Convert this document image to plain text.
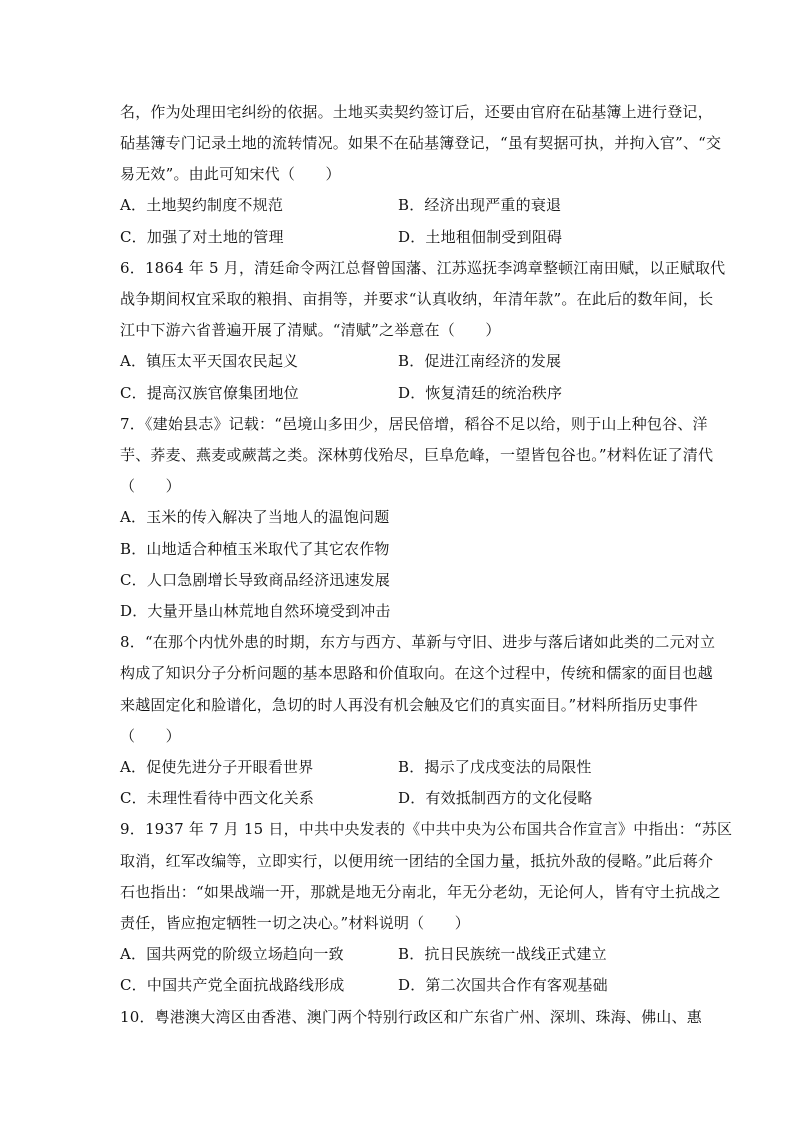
名，作为处理田宅纠纷的依据。土地买卖契约签订后，还要由官府在砧基簿上进行登记，
砧基簿专门记录土地的流转情况。如果不在砧基簿登记，“虽有契据可执，并拘入官”、“交
易无效”。由此可知宋代（　　）
A．土地契约制度不规范	B．经济出现严重的衰退
C．加强了对土地的管理	D．土地租佃制受到阻碍
6．1864 年 5 月，清廷命令两江总督曾国藩、江苏巡抚李鸿章整顿江南田赋，以正赋取代
战争期间权宜采取的粮捐、亩捐等，并要求“认真收纳，年清年款”。在此后的数年间，长
江中下游六省普遍开展了清赋。“清赋”之举意在（　　）
A．镇压太平天国农民起义	B．促进江南经济的发展
C．提高汉族官僚集团地位	D．恢复清廷的统治秩序
7．《建始县志》记载：“邑境山多田少，居民倍增，稻谷不足以给，则于山上种包谷、洋
芋、荞麦、燕麦或蕨蒿之类。深林剪伐殆尽，巨阜危峰，一望皆包谷也。”材料佐证了清代
（　　）
A．玉米的传入解决了当地人的温饱问题
B．山地适合种植玉米取代了其它农作物
C．人口急剧增长导致商品经济迅速发展
D．大量开垦山林荒地自然环境受到冲击
8．“在那个内忧外患的时期，东方与西方、革新与守旧、进步与落后诸如此类的二元对立
构成了知识分子分析问题的基本思路和价值取向。在这个过程中，传统和儒家的面目也越
来越固定化和脸谱化，急切的时人再没有机会触及它们的真实面目。”材料所指历史事件
（　　）
A．促使先进分子开眼看世界	B．揭示了戊戌变法的局限性
C．未理性看待中西文化关系	D．有效抵制西方的文化侵略
9．1937 年 7 月 15 日，中共中央发表的《中共中央为公布国共合作宣言》中指出：“苏区
取消，红军改编等，立即实行，以便用统一团结的全国力量，抵抗外敌的侵略。”此后蒋介
石也指出：“如果战端一开，那就是地无分南北，年无分老幼，无论何人，皆有守土抗战之
责任，皆应抱定牺牲一切之决心。”材料说明（　　）
A．国共两党的阶级立场趋向一致	B．抗日民族统一战线正式建立
C．中国共产党全面抗战路线形成	D．第二次国共合作有客观基础
10．粤港澳大湾区由香港、澳门两个特别行政区和广东省广州、深圳、珠海、佛山、惠
